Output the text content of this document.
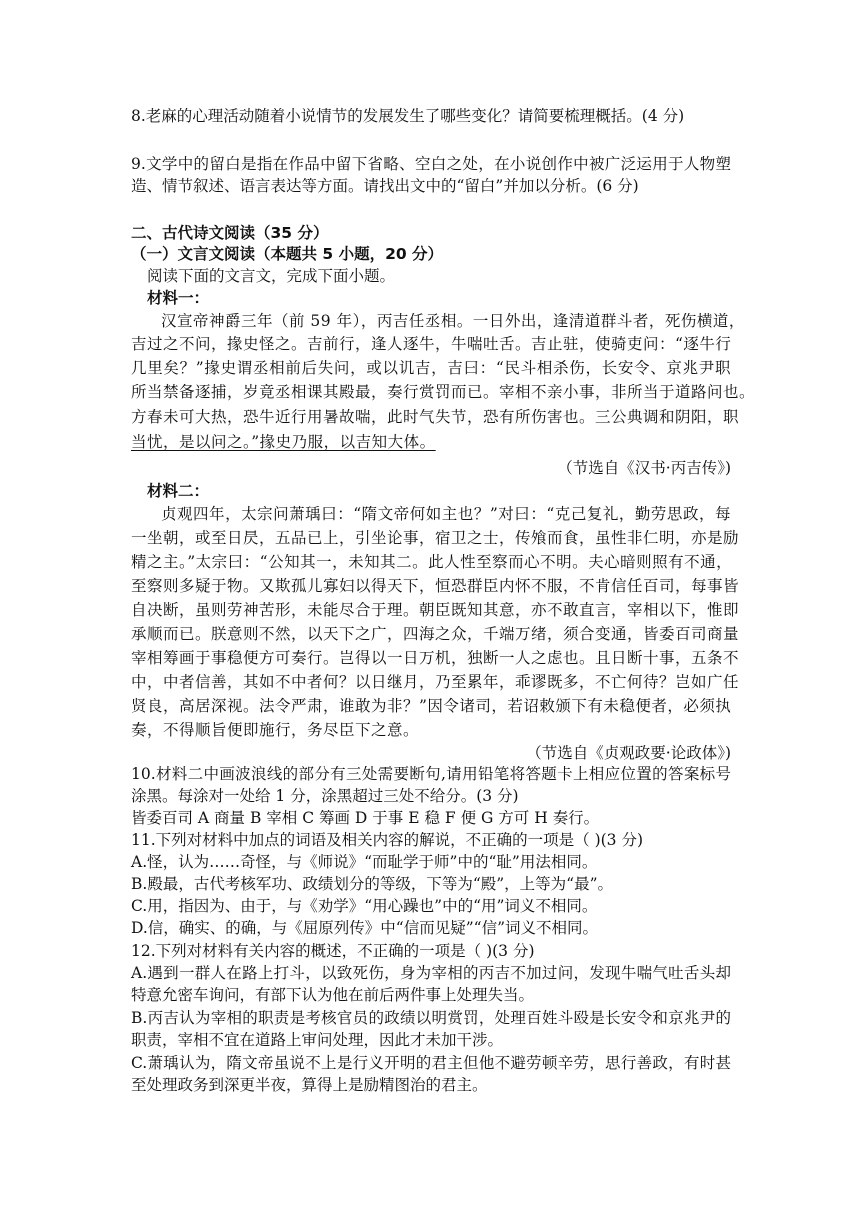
8.老麻的心理活动随着小说情节的发展发生了哪些变化？请简要梳理概括。(4 分)
9.文学中的留白是指在作品中留下省略、空白之处，在小说创作中被广泛运用于人物塑
造、情节叙述、语言表达等方面。请找出文中的“留白”并加以分析。(6 分)
二、古代诗文阅读（35 分）
（一）文言文阅读（本题共 5 小题，20 分）
阅读下面的文言文，完成下面小题。
材料一：
汉宣帝神爵三年（前 59 年），丙吉任丞相。一日外出，逢清道群斗者，死伤横道，
吉过之不问，掾史怪之。吉前行，逢人逐牛，牛喘吐舌。吉止驻，使骑吏问：“逐牛行
几里矣？”掾史谓丞相前后失问，或以讥吉，吉曰：“民斗相杀伤，长安令、京兆尹职
所当禁备逐捕，岁竟丞相课其殿最，奏行赏罚而已。宰相不亲小事，非所当于道路问也。
方春未可大热，恐牛近行用暑故喘，此时气失节，恐有所伤害也。三公典调和阴阳，职
当忧，是以问之。”掾史乃服，以吉知大体。
（节选自《汉书·丙吉传》)
材料二：
贞观四年，太宗问萧瑀曰：“隋文帝何如主也？”对曰：“克己复礼，勤劳思政，每
一坐朝，或至日昃，五品已上，引坐论事，宿卫之士，传飧而食，虽性非仁明，亦是励
精之主。”太宗曰：“公知其一，未知其二。此人性至察而心不明。夫心暗则照有不通，
至察则多疑于物。又欺孤儿寡妇以得天下，恒恐群臣内怀不服，不肯信任百司，每事皆
自决断，虽则劳神苦形，未能尽合于理。朝臣既知其意，亦不敢直言，宰相以下，惟即
承顺而已。朕意则不然，以天下之广，四海之众，千端万绪，须合变通，皆委百司商量
宰相筹画于事稳便方可奏行。岂得以一日万机，独断一人之虑也。且日断十事，五条不
中，中者信善，其如不中者何？以日继月，乃至累年，乖谬既多，不亡何待？岂如广任
贤良，高居深视。法令严肃，谁敢为非？”因令诸司，若诏敕颁下有未稳便者，必须执
奏，不得顺旨便即施行，务尽臣下之意。
（节选自《贞观政要·论政体》)
10.材料二中画波浪线的部分有三处需要断句,请用铅笔将答题卡上相应位置的答案标号
涂黑。每涂对一处给 1 分，涂黑超过三处不给分。(3 分)
皆委百司 A 商量 B 宰相 C 筹画 D 于事 E 稳 F 便 G 方可 H 奏行。
11.下列对材料中加点的词语及相关内容的解说，不正确的一项是（ )(3 分)
A.怪，认为……奇怪，与《师说》“而耻学于师”中的“耻”用法相同。
B.殿最，古代考核军功、政绩划分的等级，下等为“殿”，上等为“最”。
C.用，指因为、由于，与《劝学》“用心躁也”中的“用”词义不相同。
D.信，确实、的确，与《屈原列传》中“信而见疑”“信”词义不相同。
12.下列对材料有关内容的概述，不正确的一项是（ )(3 分)
A.遇到一群人在路上打斗，以致死伤，身为宰相的丙吉不加过问，发现牛喘气吐舌头却
特意允密车询问，有部下认为他在前后两件事上处理失当。
B.丙吉认为宰相的职责是考核官员的政绩以明赏罚，处理百姓斗殴是长安令和京兆尹的
职责，宰相不宜在道路上审问处理，因此才未加干涉。
C.萧瑀认为，隋文帝虽说不上是行义开明的君主但他不避劳顿辛劳，思行善政，有时甚
至处理政务到深更半夜，算得上是励精图治的君主。
